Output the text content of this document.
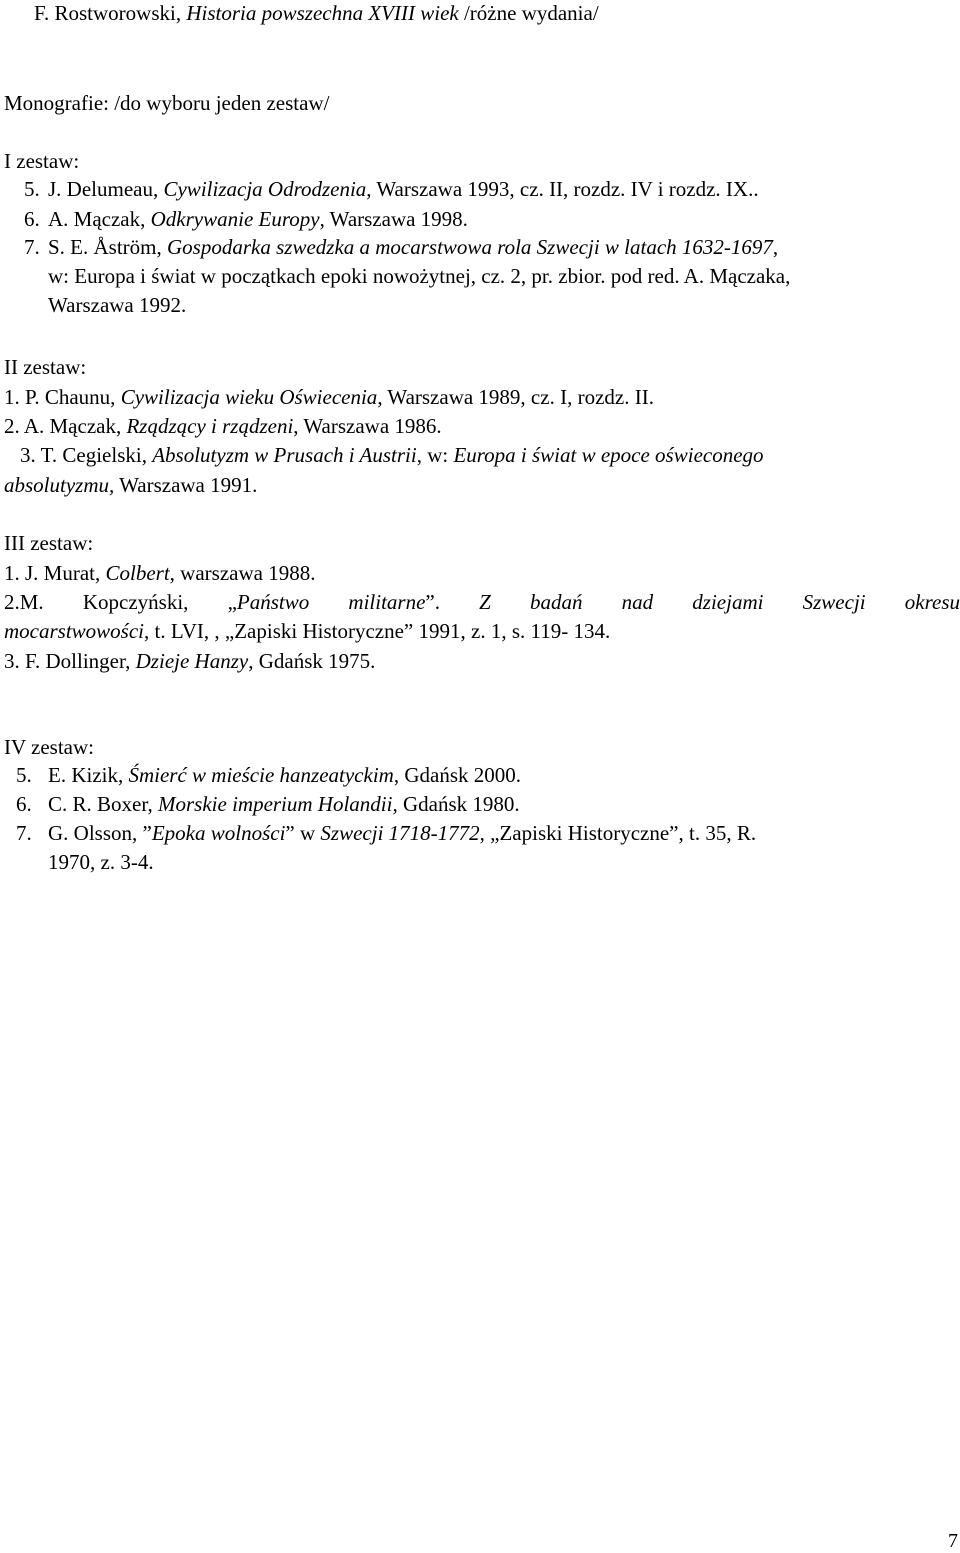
F. Rostworowski, Historia powszechna XVIII wiek /różne wydania/
Monografie: /do wyboru jeden zestaw/
I zestaw:
5. J. Delumeau, Cywilizacja Odrodzenia, Warszawa 1993, cz. II, rozdz. IV i rozdz. IX..
6. A. Mączak, Odkrywanie Europy, Warszawa 1998.
7. S. E. Åström, Gospodarka szwedzka a mocarstwowa rola Szwecji w latach 1632-1697,
w: Europa i świat w początkach epoki nowożytnej, cz. 2, pr. zbior. pod red. A. Mączaka,
Warszawa 1992.
II zestaw:
1. P. Chaunu, Cywilizacja wieku Oświecenia, Warszawa 1989, cz. I, rozdz. II.
2. A. Mączak, Rządzący i rządzeni, Warszawa 1986.
3. T. Cegielski, Absolutyzm w Prusach i Austrii, w: Europa i świat w epoce oświeconego
absolutyzmu, Warszawa 1991.
III zestaw:
1. J. Murat, Colbert, warszawa 1988.
2.M. Kopczyński, „Państwo militarne”. Z badań nad dziejami Szwecji okresu
mocarstwowości, t. LVI, , „Zapiski Historyczne” 1991, z. 1, s. 119- 134.
3. F. Dollinger, Dzieje Hanzy, Gdańsk 1975.
IV zestaw:
5. E. Kizik, Śmierć w mieście hanzeatyckim, Gdańsk 2000.
6. C. R. Boxer, Morskie imperium Holandii, Gdańsk 1980.
7. G. Olsson, ”Epoka wolności” w Szwecji 1718-1772, „Zapiski Historyczne”, t. 35, R.
1970, z. 3-4.
7
